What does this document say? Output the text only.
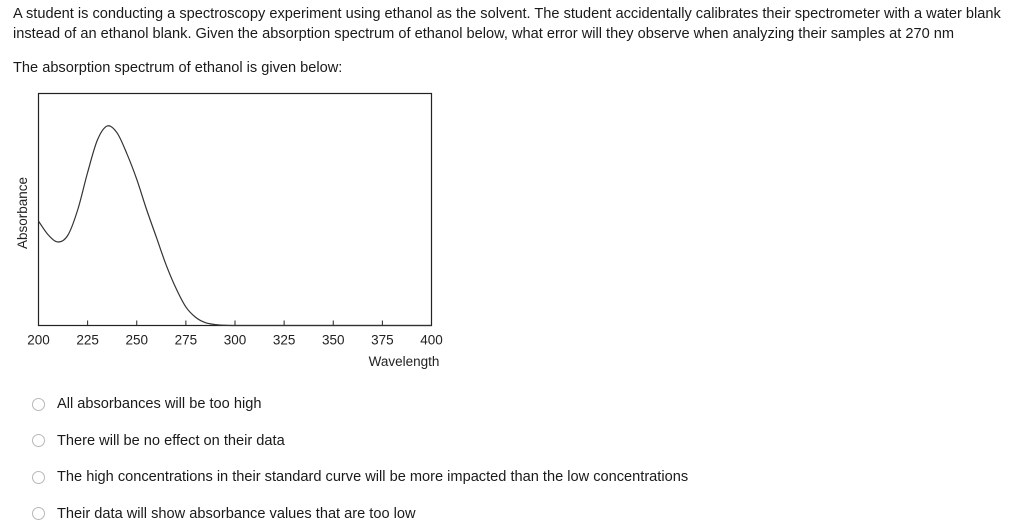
A student is conducting a spectroscopy experiment using ethanol as the solvent. The student accidentally calibrates their spectrometer with a water blank instead of an ethanol blank. Given the absorption spectrum of ethanol below, what error will they observe when analyzing their samples at 270 nm

The absorption spectrum of ethanol is given below:

200 225 250 275 300 325 350 375 400
Wavelength
Absorbance
All absorbances will be too high
There will be no effect on their data
The high concentrations in their standard curve will be more impacted than the low concentrations
Their data will show absorbance values that are too low
